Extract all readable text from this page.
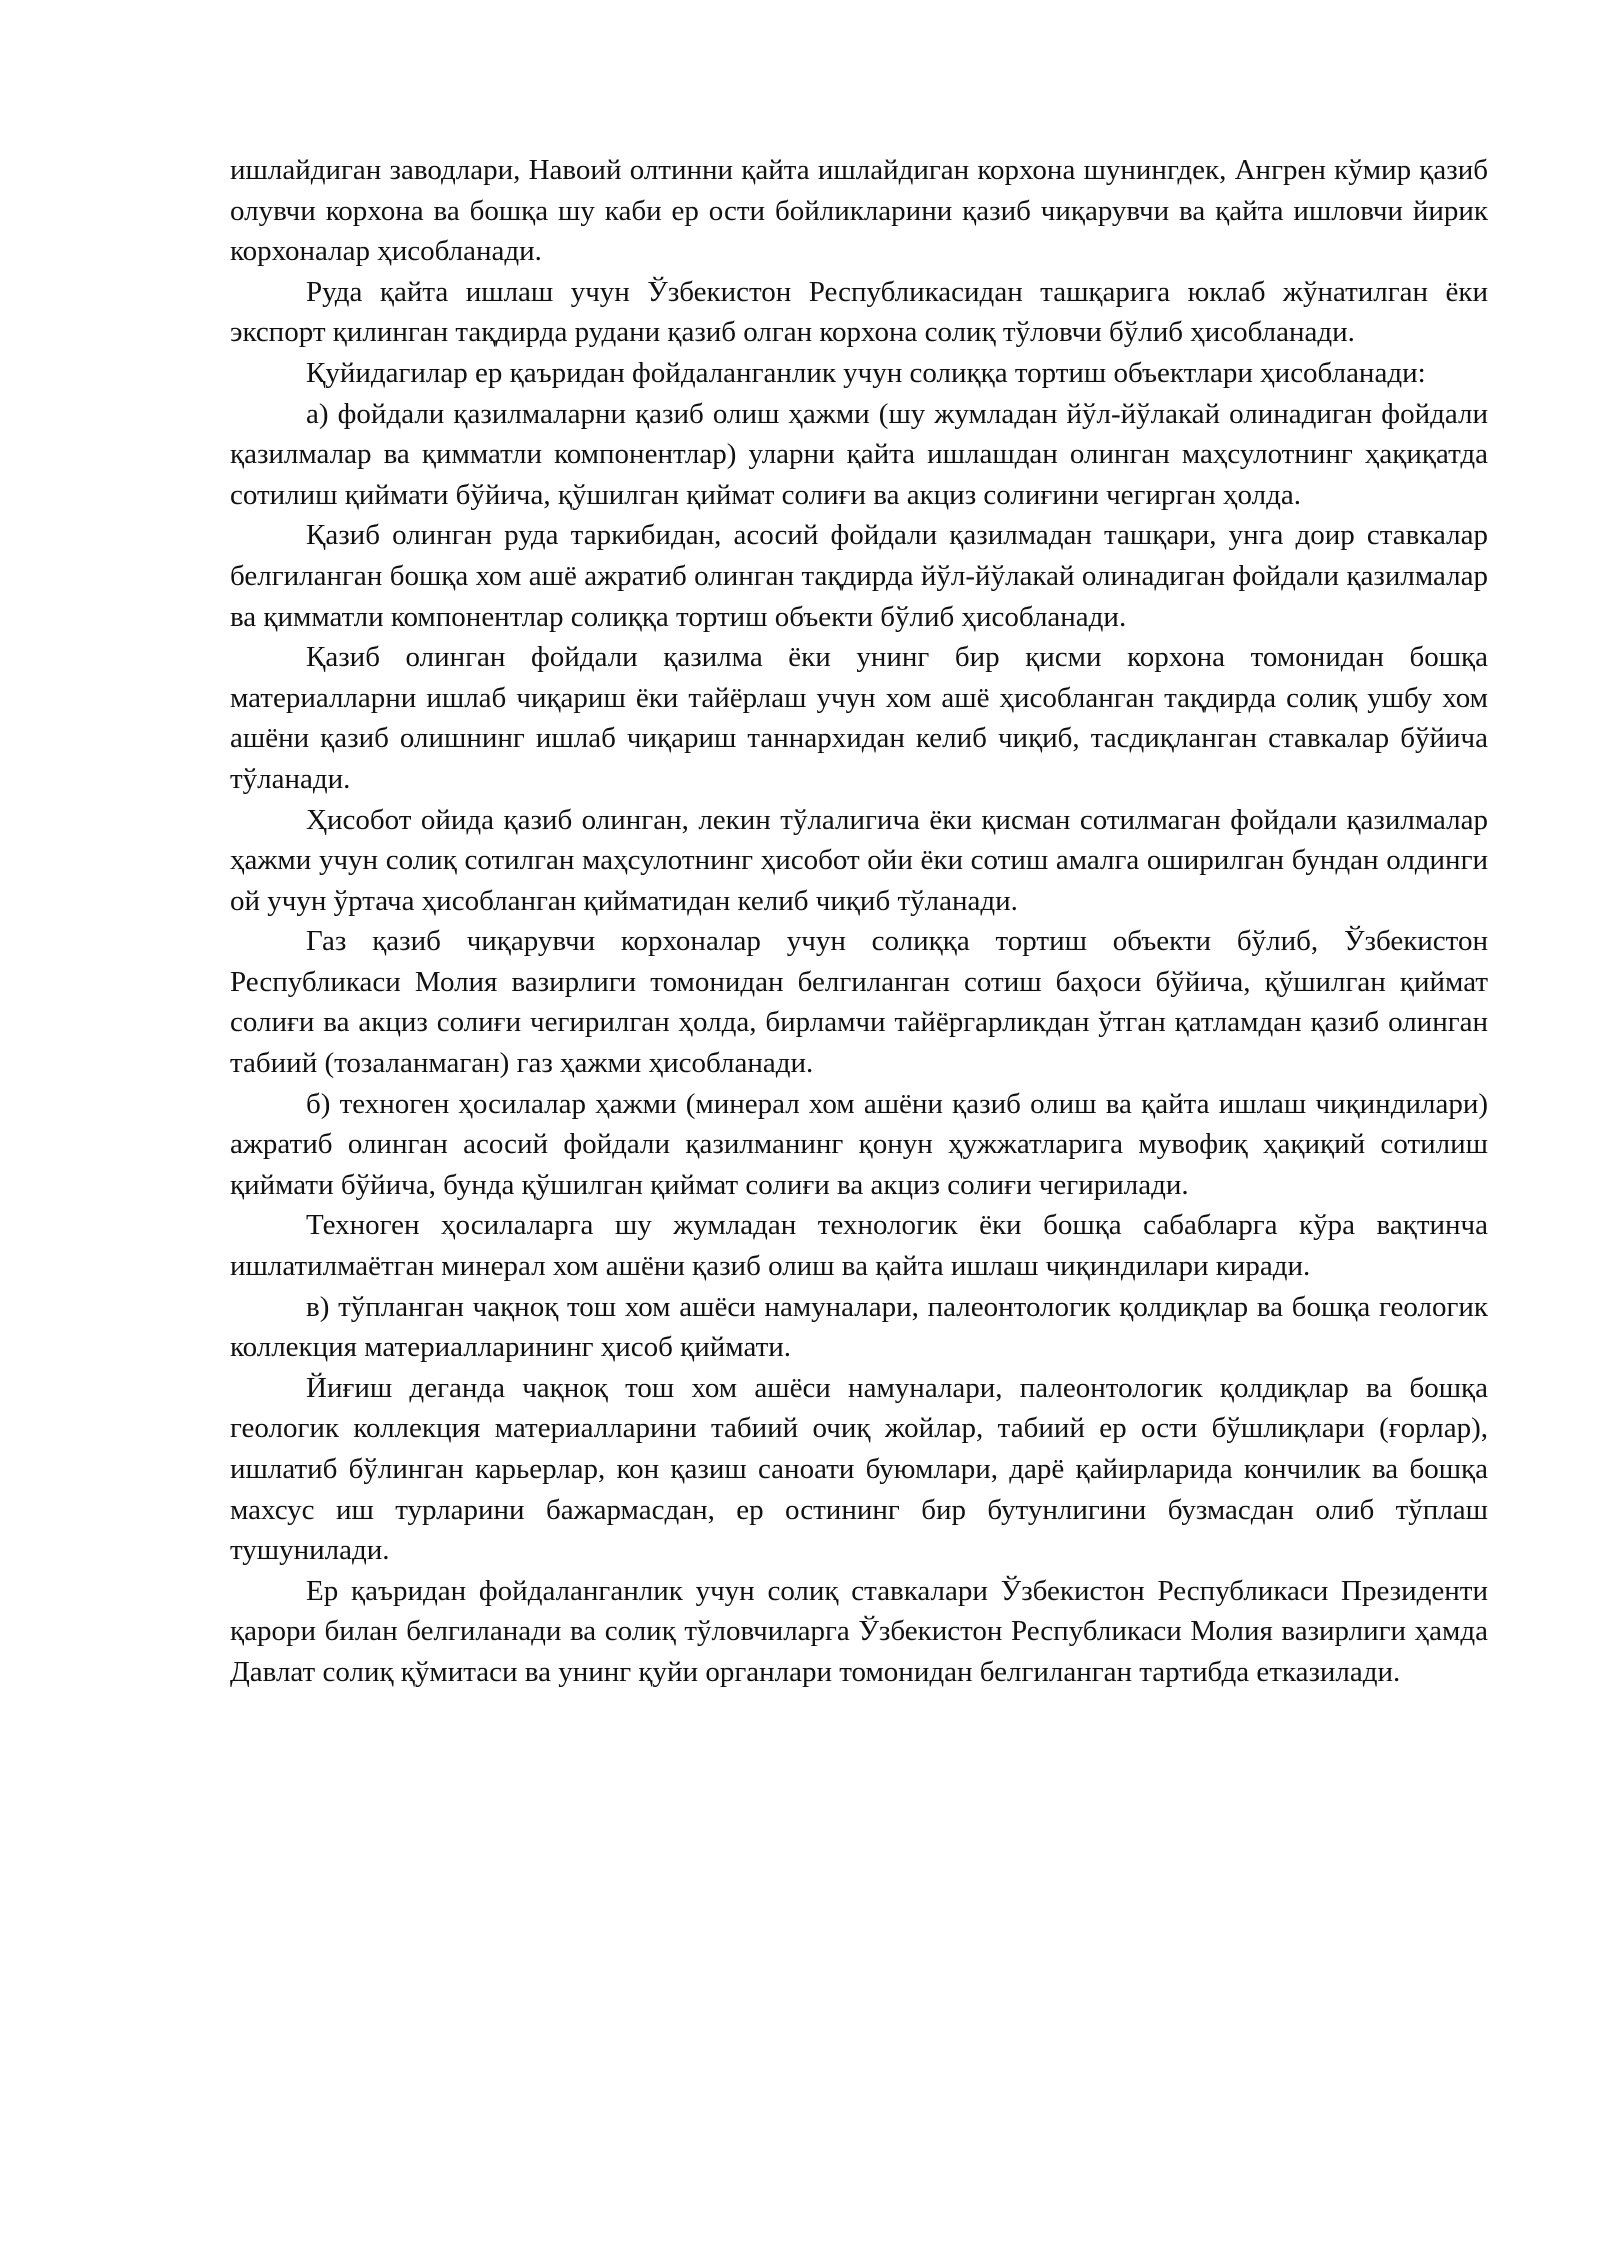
ишлайдиган заводлари, Навоий олтинни қайта ишлайдиган корхона шунингдек, Ангрен кўмир қазиб олувчи корхона ва бошқа шу каби ер ости бойликларини қазиб чиқарувчи ва қайта ишловчи йирик корхоналар ҳисобланади.

Руда қайта ишлаш учун Ўзбекистон Республикасидан ташқарига юклаб жўнатилган ёки экспорт қилинган тақдирда рудани қазиб олган корхона солиқ тўловчи бўлиб ҳисобланади.

Қуйидагилар ер қаъридан фойдаланганлик учун солиққа тортиш объектлари ҳисобланади:

а) фойдали қазилмаларни қазиб олиш ҳажми (шу жумладан йўл-йўлакай олинадиган фойдали қазилмалар ва қимматли компонентлар) уларни қайта ишлашдан олинган маҳсулотнинг ҳақиқатда сотилиш қиймати бўйича, қўшилган қиймат солиғи ва акциз солиғини чегирган ҳолда.

Қазиб олинган руда таркибидан, асосий фойдали қазилмадан ташқари, унга доир ставкалар белгиланган бошқа хом ашё ажратиб олинган тақдирда йўл-йўлакай олинадиган фойдали қазилмалар ва қимматли компонентлар солиққа тортиш объекти бўлиб ҳисобланади.

Қазиб олинган фойдали қазилма ёки унинг бир қисми корхона томонидан бошқа материалларни ишлаб чиқариш ёки тайёрлаш учун хом ашё ҳисобланган тақдирда солиқ ушбу хом ашёни қазиб олишнинг ишлаб чиқариш таннархидан келиб чиқиб, тасдиқланган ставкалар бўйича тўланади.

Ҳисобот ойида қазиб олинган, лекин тўлалигича ёки қисман сотилмаган фойдали қазилмалар ҳажми учун солиқ сотилган маҳсулотнинг ҳисобот ойи ёки сотиш амалга оширилган бундан олдинги ой учун ўртача ҳисобланган қийматидан келиб чиқиб тўланади.

Газ қазиб чиқарувчи корхоналар учун солиққа тортиш объекти бўлиб, Ўзбекистон Республикаси Молия вазирлиги томонидан белгиланган сотиш баҳоси бўйича, қўшилган қиймат солиғи ва акциз солиғи чегирилган ҳолда, бирламчи тайёргарликдан ўтган қатламдан қазиб олинган табиий (тозаланмаган) газ ҳажми ҳисобланади.

б) техноген ҳосилалар ҳажми (минерал хом ашёни қазиб олиш ва қайта ишлаш чиқиндилари) ажратиб олинган асосий фойдали қазилманинг қонун ҳужжатларига мувофиқ ҳақиқий сотилиш қиймати бўйича, бунда қўшилган қиймат солиғи ва акциз солиғи чегирилади.

Техноген ҳосилаларга шу жумладан технологик ёки бошқа сабабларга кўра вақтинча ишлатилмаётган минерал хом ашёни қазиб олиш ва қайта ишлаш чиқиндилари киради.

в) тўпланган чақноқ тош хом ашёси намуналари, палеонтологик қолдиқлар ва бошқа геологик коллекция материалларининг ҳисоб қиймати.

Йиғиш деганда чақноқ тош хом ашёси намуналари, палеонтологик қолдиқлар ва бошқа геологик коллекция материалларини табиий очиқ жойлар, табиий ер ости бўшлиқлари (ғорлар), ишлатиб бўлинган карьерлар, кон қазиш саноати буюмлари, дарё қайирларида кончилик ва бошқа махсус иш турларини бажармасдан, ер остининг бир бутунлигини бузмасдан олиб тўплаш тушунилади.

Ер қаъридан фойдаланганлик учун солиқ ставкалари Ўзбекистон Республикаси Президенти қарори билан белгиланади ва солиқ тўловчиларга Ўзбекистон Республикаси Молия вазирлиги ҳамда Давлат солиқ қўмитаси ва унинг қуйи органлари томонидан белгиланган тартибда етказилади.
